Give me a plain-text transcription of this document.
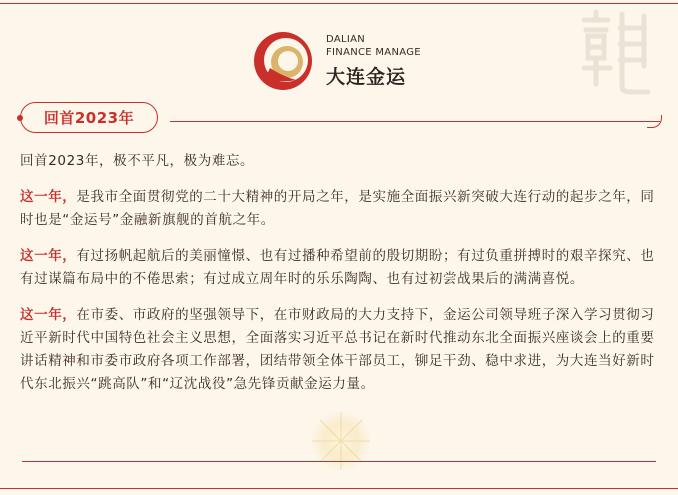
DALIAN
FINANCE MANAGE
大连金运
回首2023年

回首2023年，极不平凡，极为难忘。

这一年，是我市全面贯彻党的二十大精神的开局之年，是实施全面振兴新突破大连行动的起步之年，同时也是“金运号”金融新旗舰的首航之年。

这一年，有过扬帆起航后的美丽憧憬、也有过播种希望前的殷切期盼；有过负重拼搏时的艰辛探究、也有过谋篇布局中的不倦思索；有过成立周年时的乐乐陶陶、也有过初尝战果后的满满喜悦。

这一年，在市委、市政府的坚强领导下，在市财政局的大力支持下，金运公司领导班子深入学习贯彻习近平新时代中国特色社会主义思想，全面落实习近平总书记在新时代推动东北全面振兴座谈会上的重要讲话精神和市委市政府各项工作部署，团结带领全体干部员工，铆足干劲、稳中求进，为大连当好新时代东北振兴“跳高队”和“辽沈战役”急先锋贡献金运力量。
